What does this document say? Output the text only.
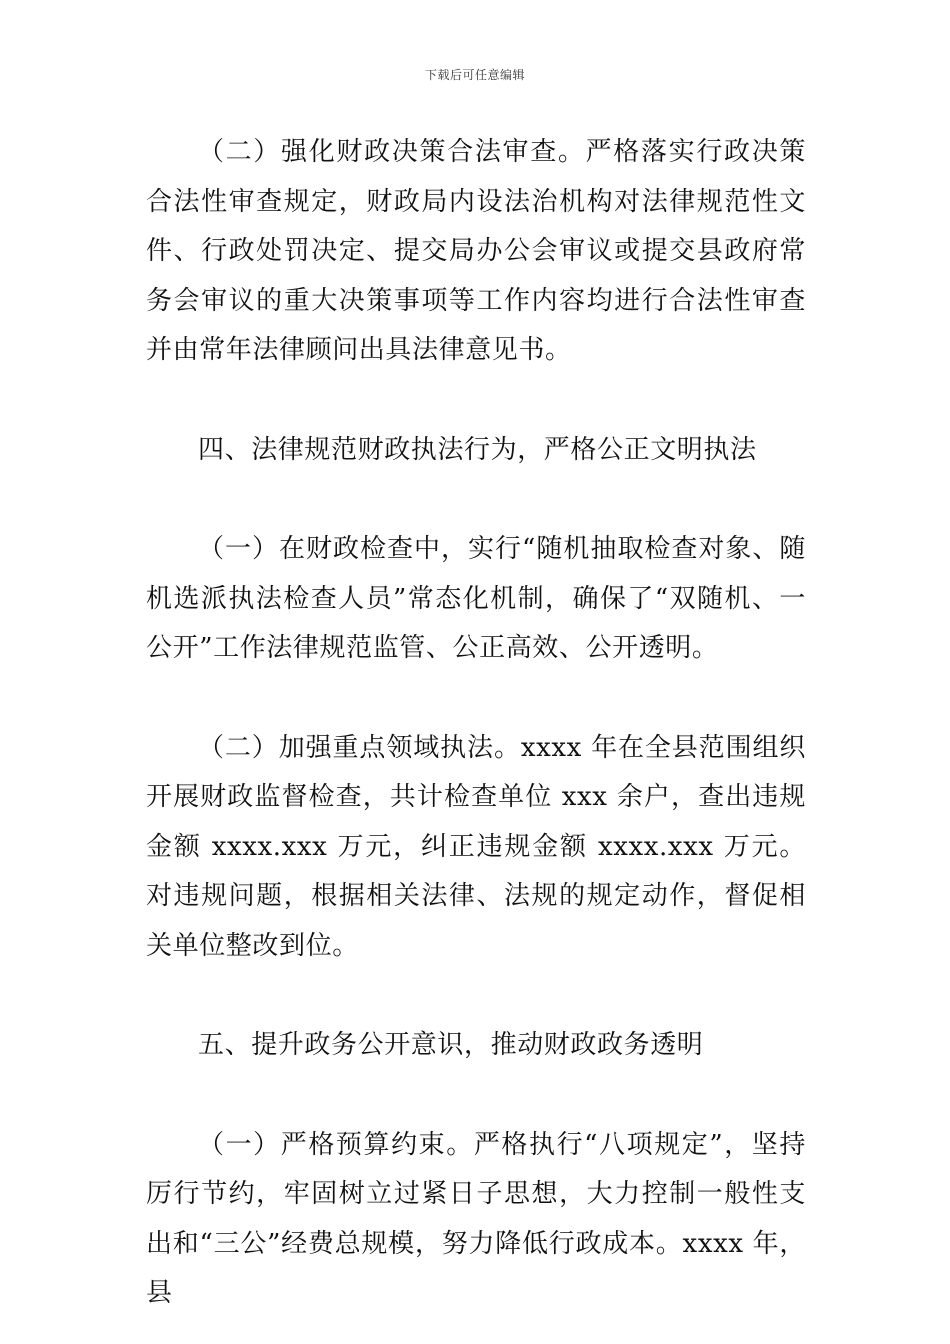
下载后可任意编辑

（二）强化财政决策合法审查。严格落实行政决策合法性审查规定，财政局内设法治机构对法律规范性文件、行政处罚决定、提交局办公会审议或提交县政府常务会审议的重大决策事项等工作内容均进行合法性审查并由常年法律顾问出具法律意见书。

四、法律规范财政执法行为，严格公正文明执法

（一）在财政检查中，实行“随机抽取检查对象、随机选派执法检查人员”常态化机制，确保了“双随机、一公开”工作法律规范监管、公正高效、公开透明。

（二）加强重点领域执法。xxxx 年在全县范围组织开展财政监督检查，共计检查单位 xxx 余户，查出违规金额 xxxx.xxx 万元，纠正违规金额 xxxx.xxx 万元。对违规问题，根据相关法律、法规的规定动作，督促相关单位整改到位。

五、提升政务公开意识，推动财政政务透明

（一）严格预算约束。严格执行“八项规定”，坚持厉行节约，牢固树立过紧日子思想，大力控制一般性支出和“三公”经费总规模，努力降低行政成本。xxxx 年，县
